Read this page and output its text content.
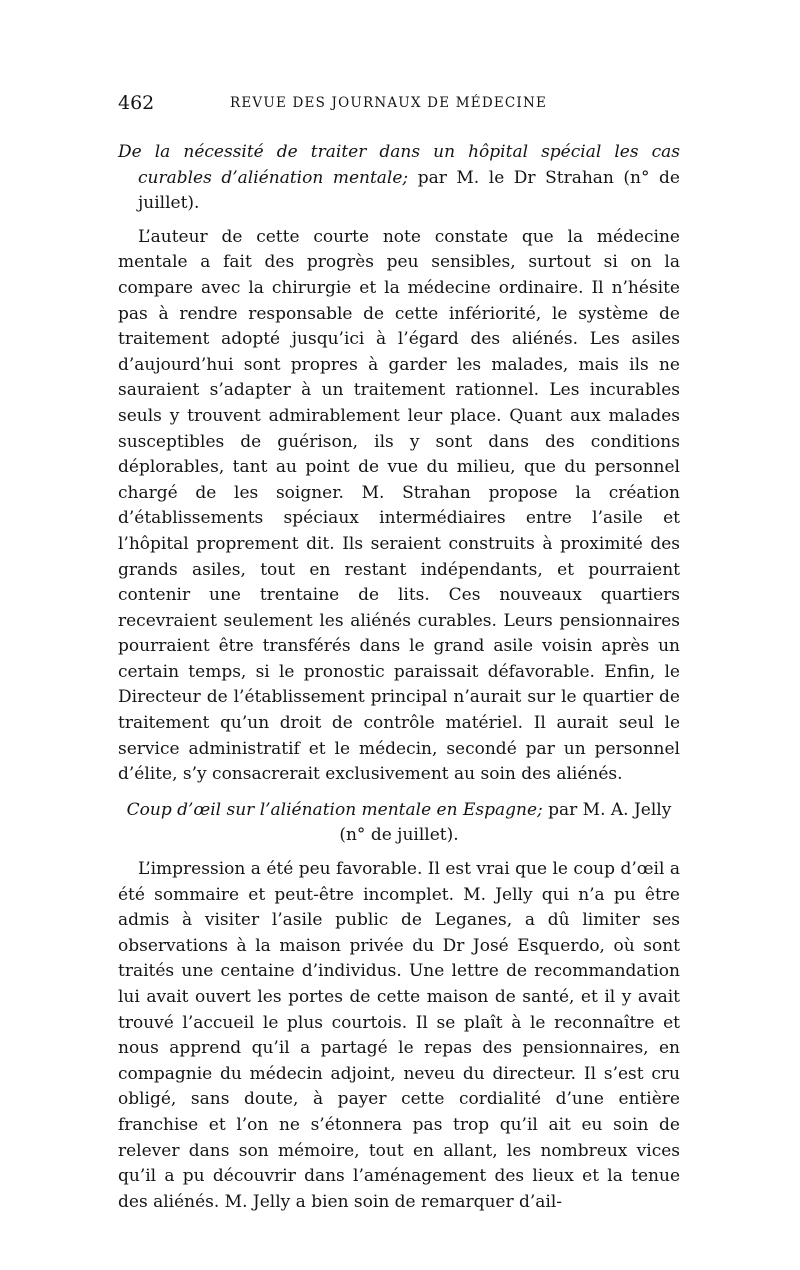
462	REVUE DES JOURNAUX DE MÉDECINE

De la nécessité de traiter dans un hôpital spécial les cas curables d’aliénation mentale; par M. le Dr Strahan (n° de juillet).

L’auteur de cette courte note constate que la médecine mentale a fait des progrès peu sensibles, surtout si on la compare avec la chirurgie et la médecine ordinaire. Il n’hésite pas à rendre responsable de cette infériorité, le système de traitement adopté jusqu’ici à l’égard des aliénés. Les asiles d’aujourd’hui sont propres à garder les malades, mais ils ne sauraient s’adapter à un traitement rationnel. Les incurables seuls y trouvent admirablement leur place. Quant aux malades susceptibles de guérison, ils y sont dans des conditions déplorables, tant au point de vue du milieu, que du personnel chargé de les soigner. M. Strahan propose la création d’établissements spéciaux intermédiaires entre l’asile et l’hôpital proprement dit. Ils seraient construits à proximité des grands asiles, tout en restant indépendants, et pourraient contenir une trentaine de lits. Ces nouveaux quartiers recevraient seulement les aliénés curables. Leurs pensionnaires pourraient être transférés dans le grand asile voisin après un certain temps, si le pronostic paraissait défavorable. Enfin, le Directeur de l’établissement principal n’aurait sur le quartier de traitement qu’un droit de contrôle matériel. Il aurait seul le service administratif et le médecin, secondé par un personnel d’élite, s’y consacrerait exclusivement au soin des aliénés.

Coup d’œil sur l’aliénation mentale en Espagne; par M. A. Jelly (n° de juillet).

L’impression a été peu favorable. Il est vrai que le coup d’œil a été sommaire et peut-être incomplet. M. Jelly qui n’a pu être admis à visiter l’asile public de Leganes, a dû limiter ses observations à la maison privée du Dr José Esquerdo, où sont traités une centaine d’individus. Une lettre de recommandation lui avait ouvert les portes de cette maison de santé, et il y avait trouvé l’accueil le plus courtois. Il se plaît à le reconnaître et nous apprend qu’il a partagé le repas des pensionnaires, en compagnie du médecin adjoint, neveu du directeur. Il s’est cru obligé, sans doute, à payer cette cordialité d’une entière franchise et l’on ne s’étonnera pas trop qu’il ait eu soin de relever dans son mémoire, tout en allant, les nombreux vices qu’il a pu découvrir dans l’aménagement des lieux et la tenue des aliénés. M. Jelly a bien soin de remarquer d’ail-
